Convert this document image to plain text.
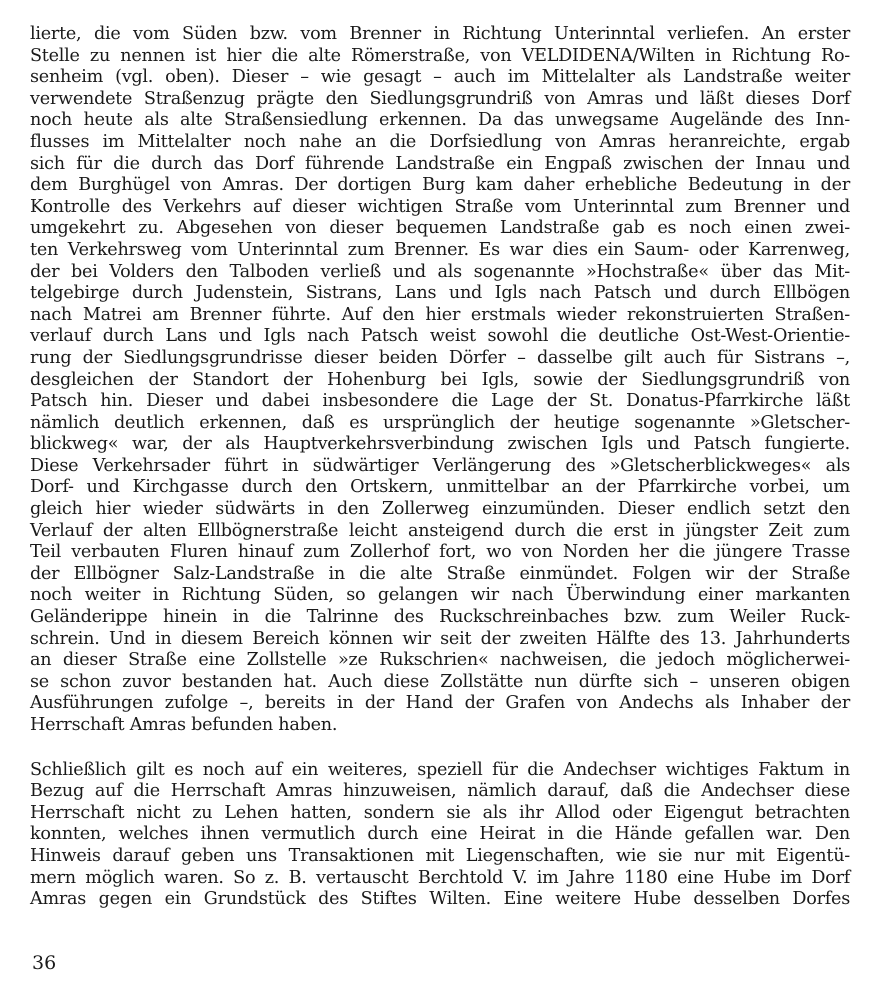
lierte, die vom Süden bzw. vom Brenner in Richtung Unterinntal verliefen. An erster
Stelle zu nennen ist hier die alte Römerstraße, von VELDIDENA/Wilten in Richtung Ro-
senheim (vgl. oben). Dieser – wie gesagt – auch im Mittelalter als Landstraße weiter
verwendete Straßenzug prägte den Siedlungsgrundriß von Amras und läßt dieses Dorf
noch heute als alte Straßensiedlung erkennen. Da das unwegsame Augelände des Inn-
flusses im Mittelalter noch nahe an die Dorfsiedlung von Amras heranreichte, ergab
sich für die durch das Dorf führende Landstraße ein Engpaß zwischen der Innau und
dem Burghügel von Amras. Der dortigen Burg kam daher erhebliche Bedeutung in der
Kontrolle des Verkehrs auf dieser wichtigen Straße vom Unterinntal zum Brenner und
umgekehrt zu. Abgesehen von dieser bequemen Landstraße gab es noch einen zwei-
ten Verkehrsweg vom Unterinntal zum Brenner. Es war dies ein Saum- oder Karrenweg,
der bei Volders den Talboden verließ und als sogenannte »Hochstraße« über das Mit-
telgebirge durch Judenstein, Sistrans, Lans und Igls nach Patsch und durch Ellbögen
nach Matrei am Brenner führte. Auf den hier erstmals wieder rekonstruierten Straßen-
verlauf durch Lans und Igls nach Patsch weist sowohl die deutliche Ost-West-Orientie-
rung der Siedlungsgrundrisse dieser beiden Dörfer – dasselbe gilt auch für Sistrans –,
desgleichen der Standort der Hohenburg bei Igls, sowie der Siedlungsgrundriß von
Patsch hin. Dieser und dabei insbesondere die Lage der St. Donatus-Pfarrkirche läßt
nämlich deutlich erkennen, daß es ursprünglich der heutige sogenannte »Gletscher-
blickweg« war, der als Hauptverkehrsverbindung zwischen Igls und Patsch fungierte.
Diese Verkehrsader führt in südwärtiger Verlängerung des »Gletscherblickweges« als
Dorf- und Kirchgasse durch den Ortskern, unmittelbar an der Pfarrkirche vorbei, um
gleich hier wieder südwärts in den Zollerweg einzumünden. Dieser endlich setzt den
Verlauf der alten Ellbögnerstraße leicht ansteigend durch die erst in jüngster Zeit zum
Teil verbauten Fluren hinauf zum Zollerhof fort, wo von Norden her die jüngere Trasse
der Ellbögner Salz-Landstraße in die alte Straße einmündet. Folgen wir der Straße
noch weiter in Richtung Süden, so gelangen wir nach Überwindung einer markanten
Geländerippe hinein in die Talrinne des Ruckschreinbaches bzw. zum Weiler Ruck-
schrein. Und in diesem Bereich können wir seit der zweiten Hälfte des 13. Jahrhunderts
an dieser Straße eine Zollstelle »ze Rukschrien« nachweisen, die jedoch möglicherwei-
se schon zuvor bestanden hat. Auch diese Zollstätte nun dürfte sich – unseren obigen
Ausführungen zufolge –, bereits in der Hand der Grafen von Andechs als Inhaber der
Herrschaft Amras befunden haben.
Schließlich gilt es noch auf ein weiteres, speziell für die Andechser wichtiges Faktum in
Bezug auf die Herrschaft Amras hinzuweisen, nämlich darauf, daß die Andechser diese
Herrschaft nicht zu Lehen hatten, sondern sie als ihr Allod oder Eigengut betrachten
konnten, welches ihnen vermutlich durch eine Heirat in die Hände gefallen war. Den
Hinweis darauf geben uns Transaktionen mit Liegenschaften, wie sie nur mit Eigentü-
mern möglich waren. So z. B. vertauscht Berchtold V. im Jahre 1180 eine Hube im Dorf
Amras gegen ein Grundstück des Stiftes Wilten. Eine weitere Hube desselben Dorfes
36
